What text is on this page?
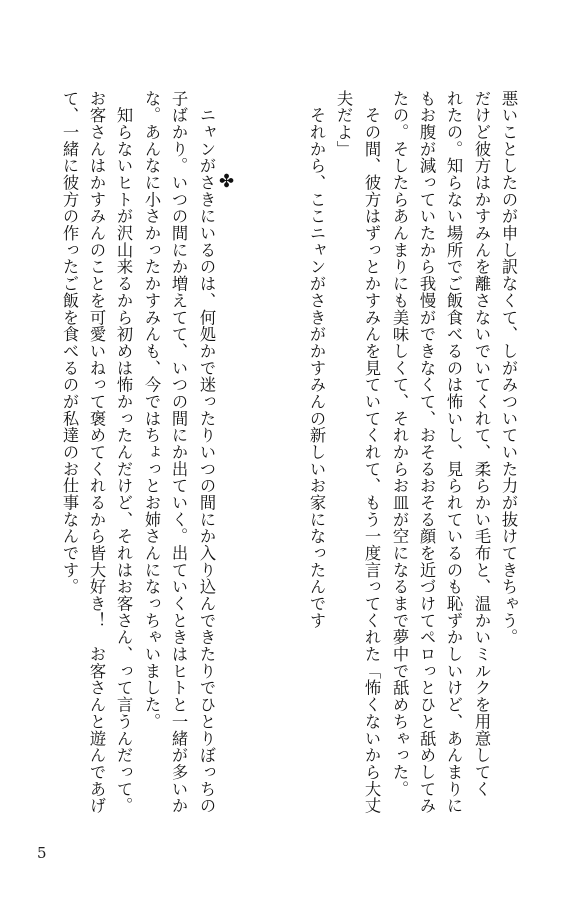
悪いことしたのが申し訳なくて、しがみついていた力が抜けてきちゃう。
だけど彼方はかすみんを離さないでいてくれて、柔らかい毛布と、温かいミルクを用意してく
れたの。知らない場所でご飯食べるのは怖いし、見られているのも恥ずかしいけど、あんまりに
もお腹が減っていたから我慢ができなくて、おそるおそる顔を近づけてペロっとひと舐めしてみ
たの。そしたらあんまりにも美味しくて、それからお皿が空になるまで夢中で舐めちゃった。
　その間、彼方はずっとかすみんを見ていてくれて、もう一度言ってくれた「怖くないから大丈
夫だよ」
　それから、ここニャンがさきがかすみんの新しいお家になったんです
✤
　ニャンがさきにいるのは、何処かで迷ったりいつの間にか入り込んできたりでひとりぼっちの
子ばかり。いつの間にか増えてて、いつの間にか出ていく。出ていくときはヒトと一緒が多いか
な。あんなに小さかったかすみんも、今ではちょっとお姉さんになっちゃいました。
　知らないヒトが沢山来るから初めは怖かったんだけど、それはお客さん、って言うんだって。
お客さんはかすみんのことを可愛いねって褒めてくれるから皆大好き！　お客さんと遊んであげ
て、一緒に彼方の作ったご飯を食べるのが私達のお仕事なんです。
5
